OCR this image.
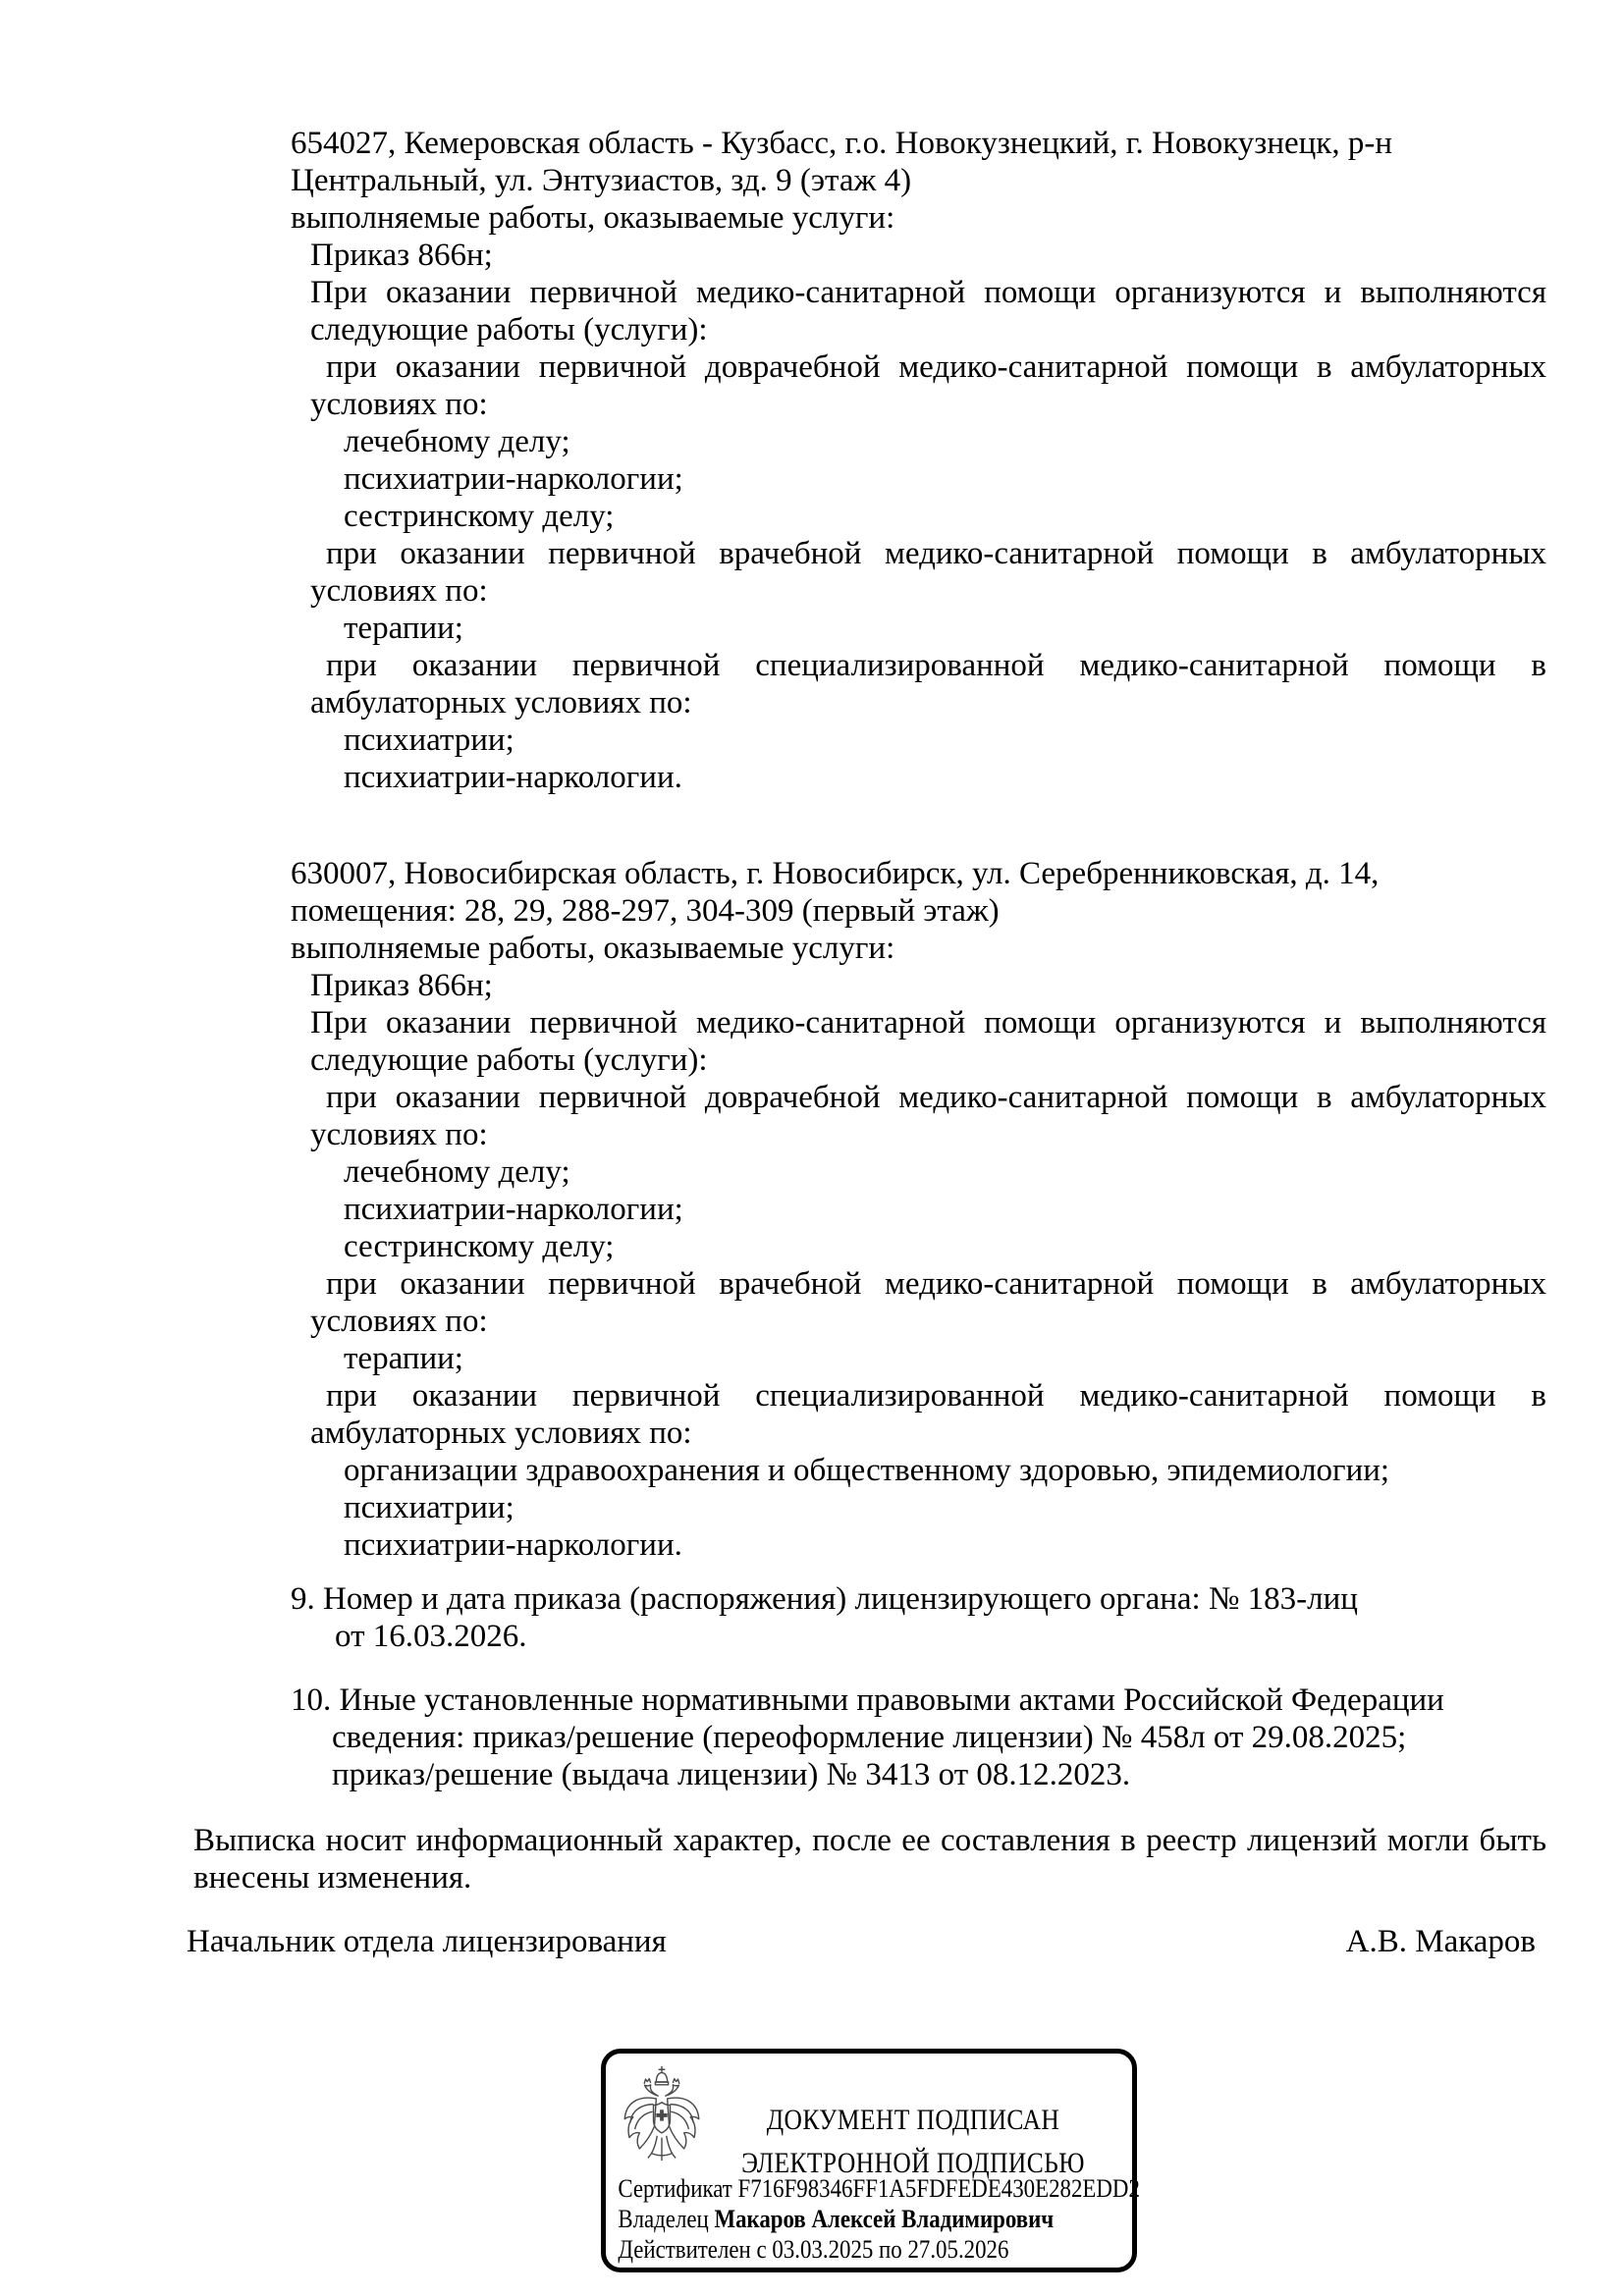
654027, Кемеровская область - Кузбасс, г.о. Новокузнецкий, г. Новокузнецк, р-н
Центральный, ул. Энтузиастов, зд. 9 (этаж 4)
выполняемые работы, оказываемые услуги:
Приказ 866н;
При оказании первичной медико-санитарной помощи организуются и выполняются следующие работы (услуги):
при оказании первичной доврачебной медико-санитарной помощи в амбулаторных условиях по:
лечебному делу;
психиатрии-наркологии;
сестринскому делу;
при оказании первичной врачебной медико-санитарной помощи в амбулаторных условиях по:
терапии;
при оказании первичной специализированной медико-санитарной помощи в амбулаторных условиях по:
психиатрии;
психиатрии-наркологии.
630007, Новосибирская область, г. Новосибирск, ул. Серебренниковская, д. 14,
помещения: 28, 29, 288-297, 304-309 (первый этаж)
выполняемые работы, оказываемые услуги:
Приказ 866н;
При оказании первичной медико-санитарной помощи организуются и выполняются следующие работы (услуги):
при оказании первичной доврачебной медико-санитарной помощи в амбулаторных условиях по:
лечебному делу;
психиатрии-наркологии;
сестринскому делу;
при оказании первичной врачебной медико-санитарной помощи в амбулаторных условиях по:
терапии;
при оказании первичной специализированной медико-санитарной помощи в амбулаторных условиях по:
организации здравоохранения и общественному здоровью, эпидемиологии;
психиатрии;
психиатрии-наркологии.
9. Номер и дата приказа (распоряжения) лицензирующего органа: № 183-лиц
от 16.03.2026.
10. Иные установленные нормативными правовыми актами Российской Федерации
сведения: приказ/решение (переоформление лицензии) № 458л от 29.08.2025;
приказ/решение (выдача лицензии) № 3413 от 08.12.2023.
Выписка носит информационный характер, после ее составления в реестр лицензий могли быть внесены изменения.
Начальник отдела лицензирования	А.В. Макаров
ДОКУМЕНТ ПОДПИСАН
ЭЛЕКТРОННОЙ ПОДПИСЬЮ
Сертификат F716F98346FF1A5FDFEDE430E282EDD2
Владелец Макаров Алексей Владимирович
Действителен с 03.03.2025 по 27.05.2026
